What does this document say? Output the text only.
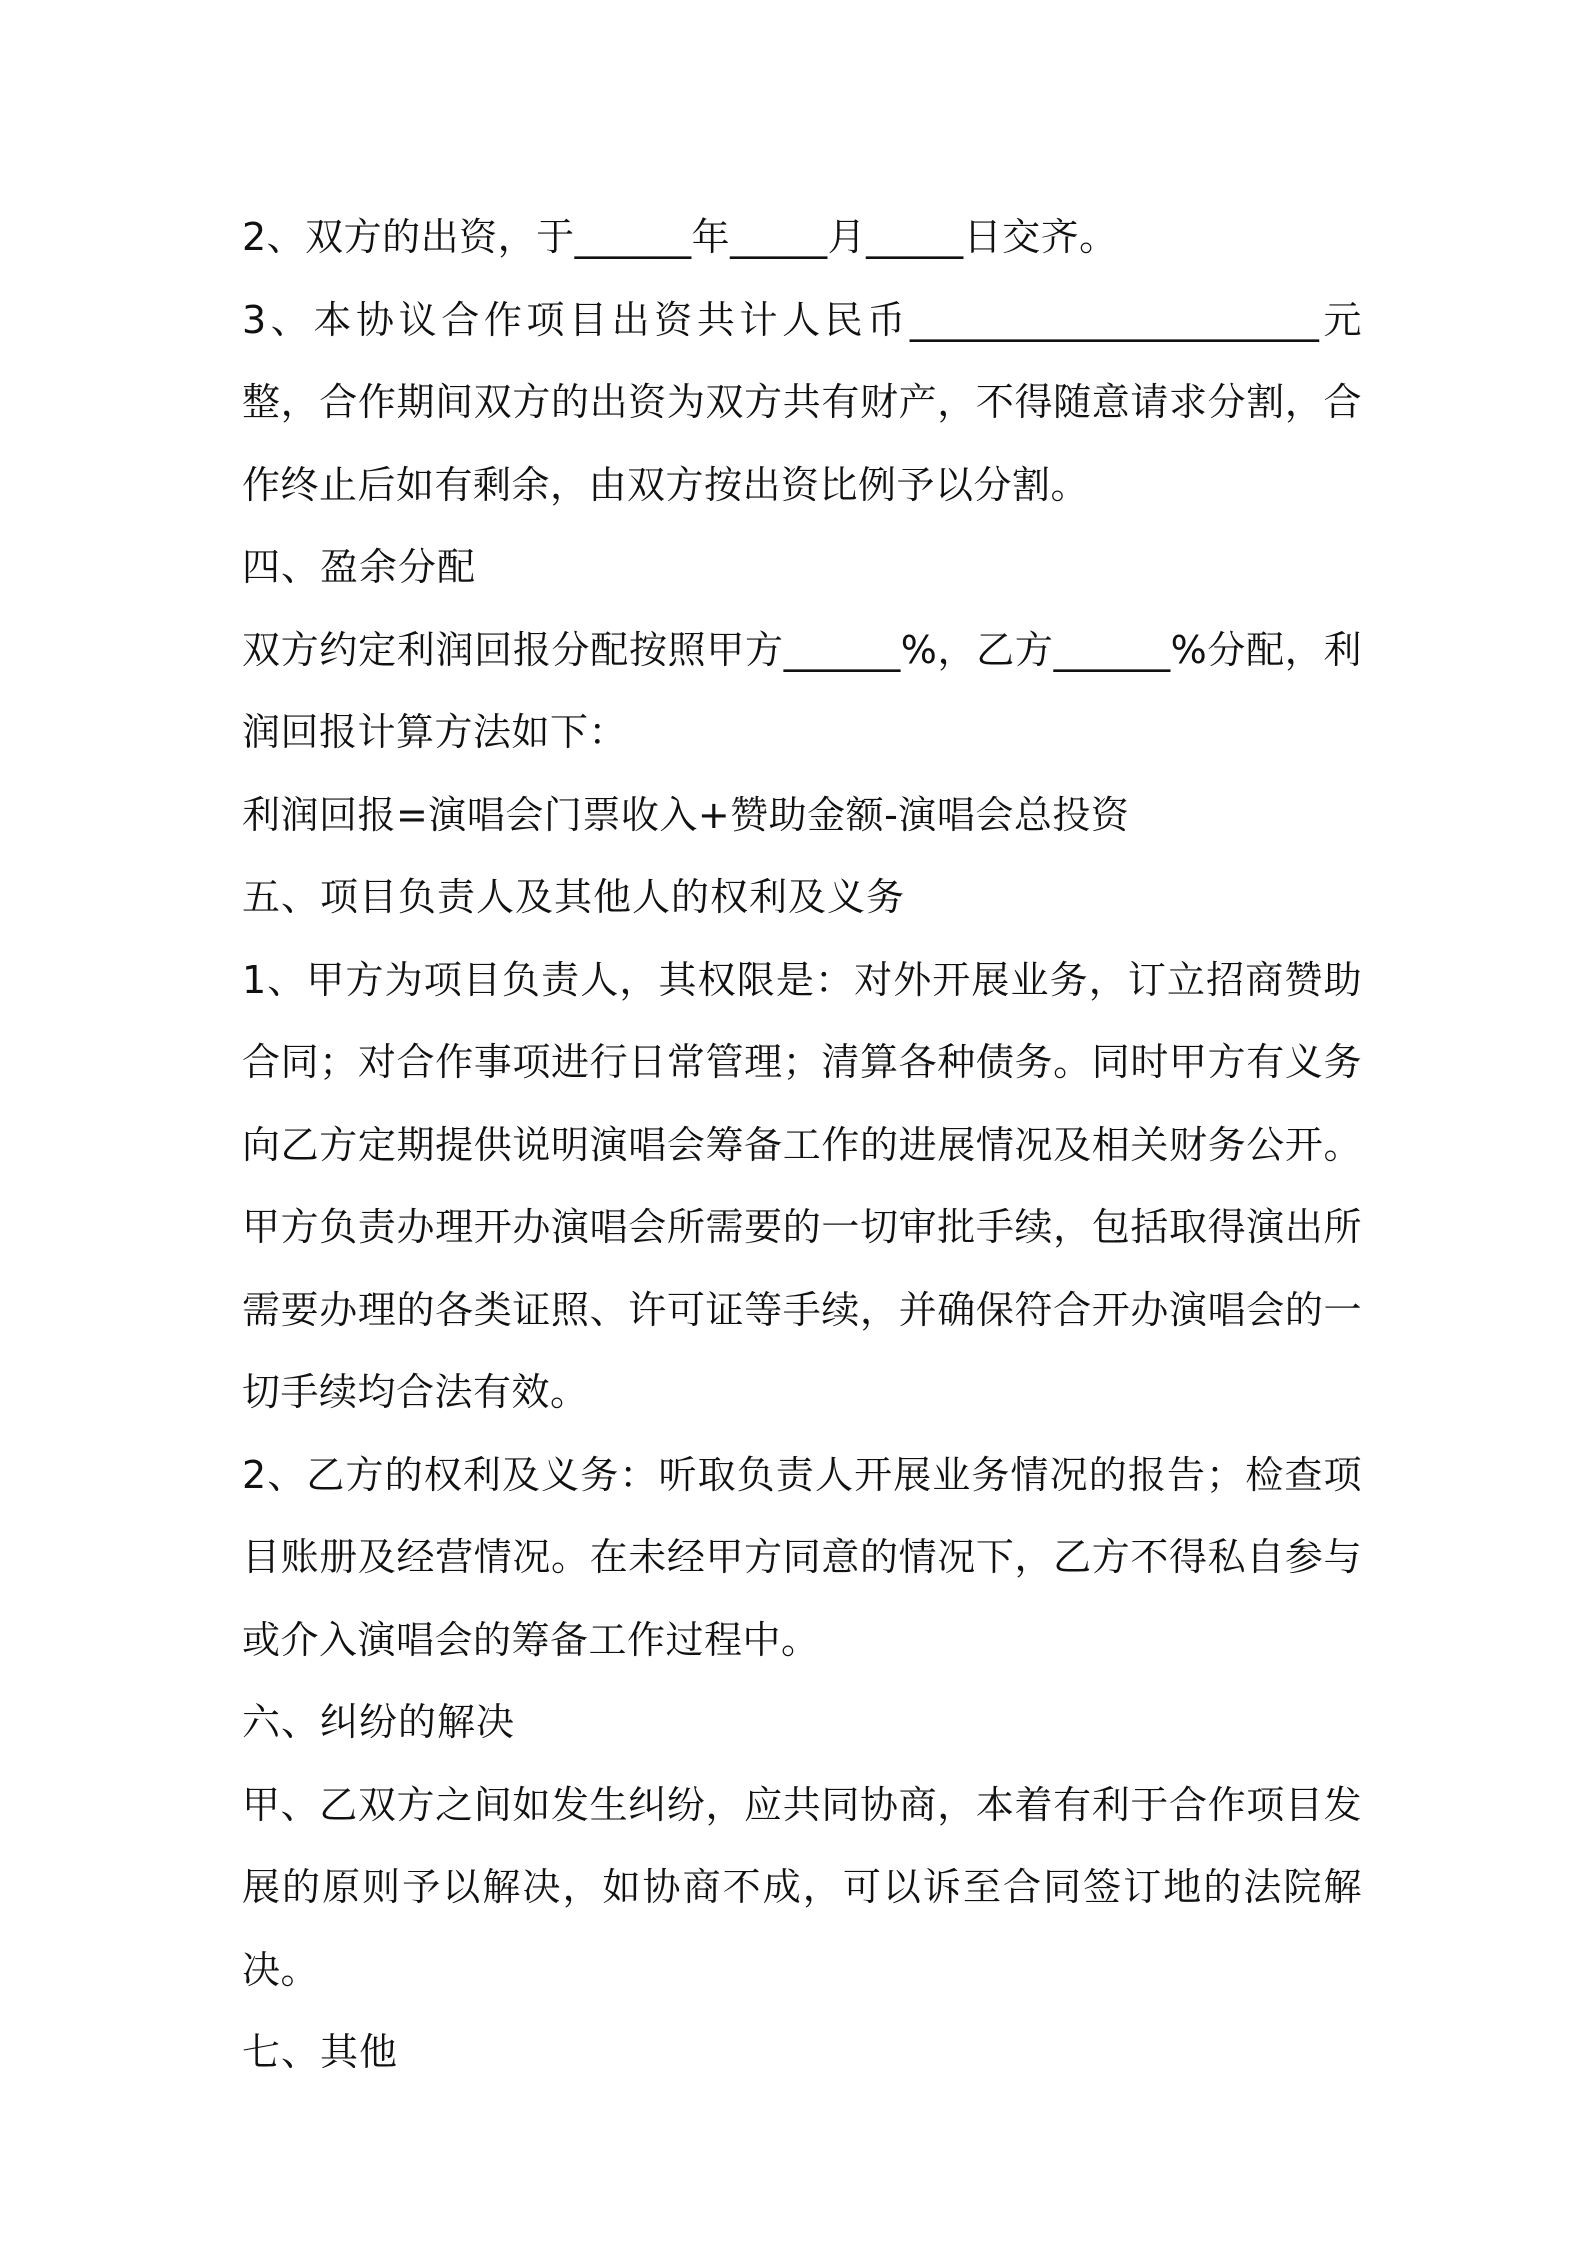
2、双方的出资，于______年_____月_____日交齐。

3、本协议合作项目出资共计人民币_____________________元整，合作期间双方的出资为双方共有财产，不得随意请求分割，合作终止后如有剩余，由双方按出资比例予以分割。

四、盈余分配

双方约定利润回报分配按照甲方______%，乙方______%分配，利润回报计算方法如下：

利润回报=演唱会门票收入+赞助金额-演唱会总投资

五、项目负责人及其他人的权利及义务

1、甲方为项目负责人，其权限是：对外开展业务，订立招商赞助合同；对合作事项进行日常管理；清算各种债务。同时甲方有义务向乙方定期提供说明演唱会筹备工作的进展情况及相关财务公开。甲方负责办理开办演唱会所需要的一切审批手续，包括取得演出所需要办理的各类证照、许可证等手续，并确保符合开办演唱会的一切手续均合法有效。

2、乙方的权利及义务：听取负责人开展业务情况的报告；检查项目账册及经营情况。在未经甲方同意的情况下，乙方不得私自参与或介入演唱会的筹备工作过程中。

六、纠纷的解决

甲、乙双方之间如发生纠纷，应共同协商，本着有利于合作项目发展的原则予以解决，如协商不成，可以诉至合同签订地的法院解决。

七、其他
